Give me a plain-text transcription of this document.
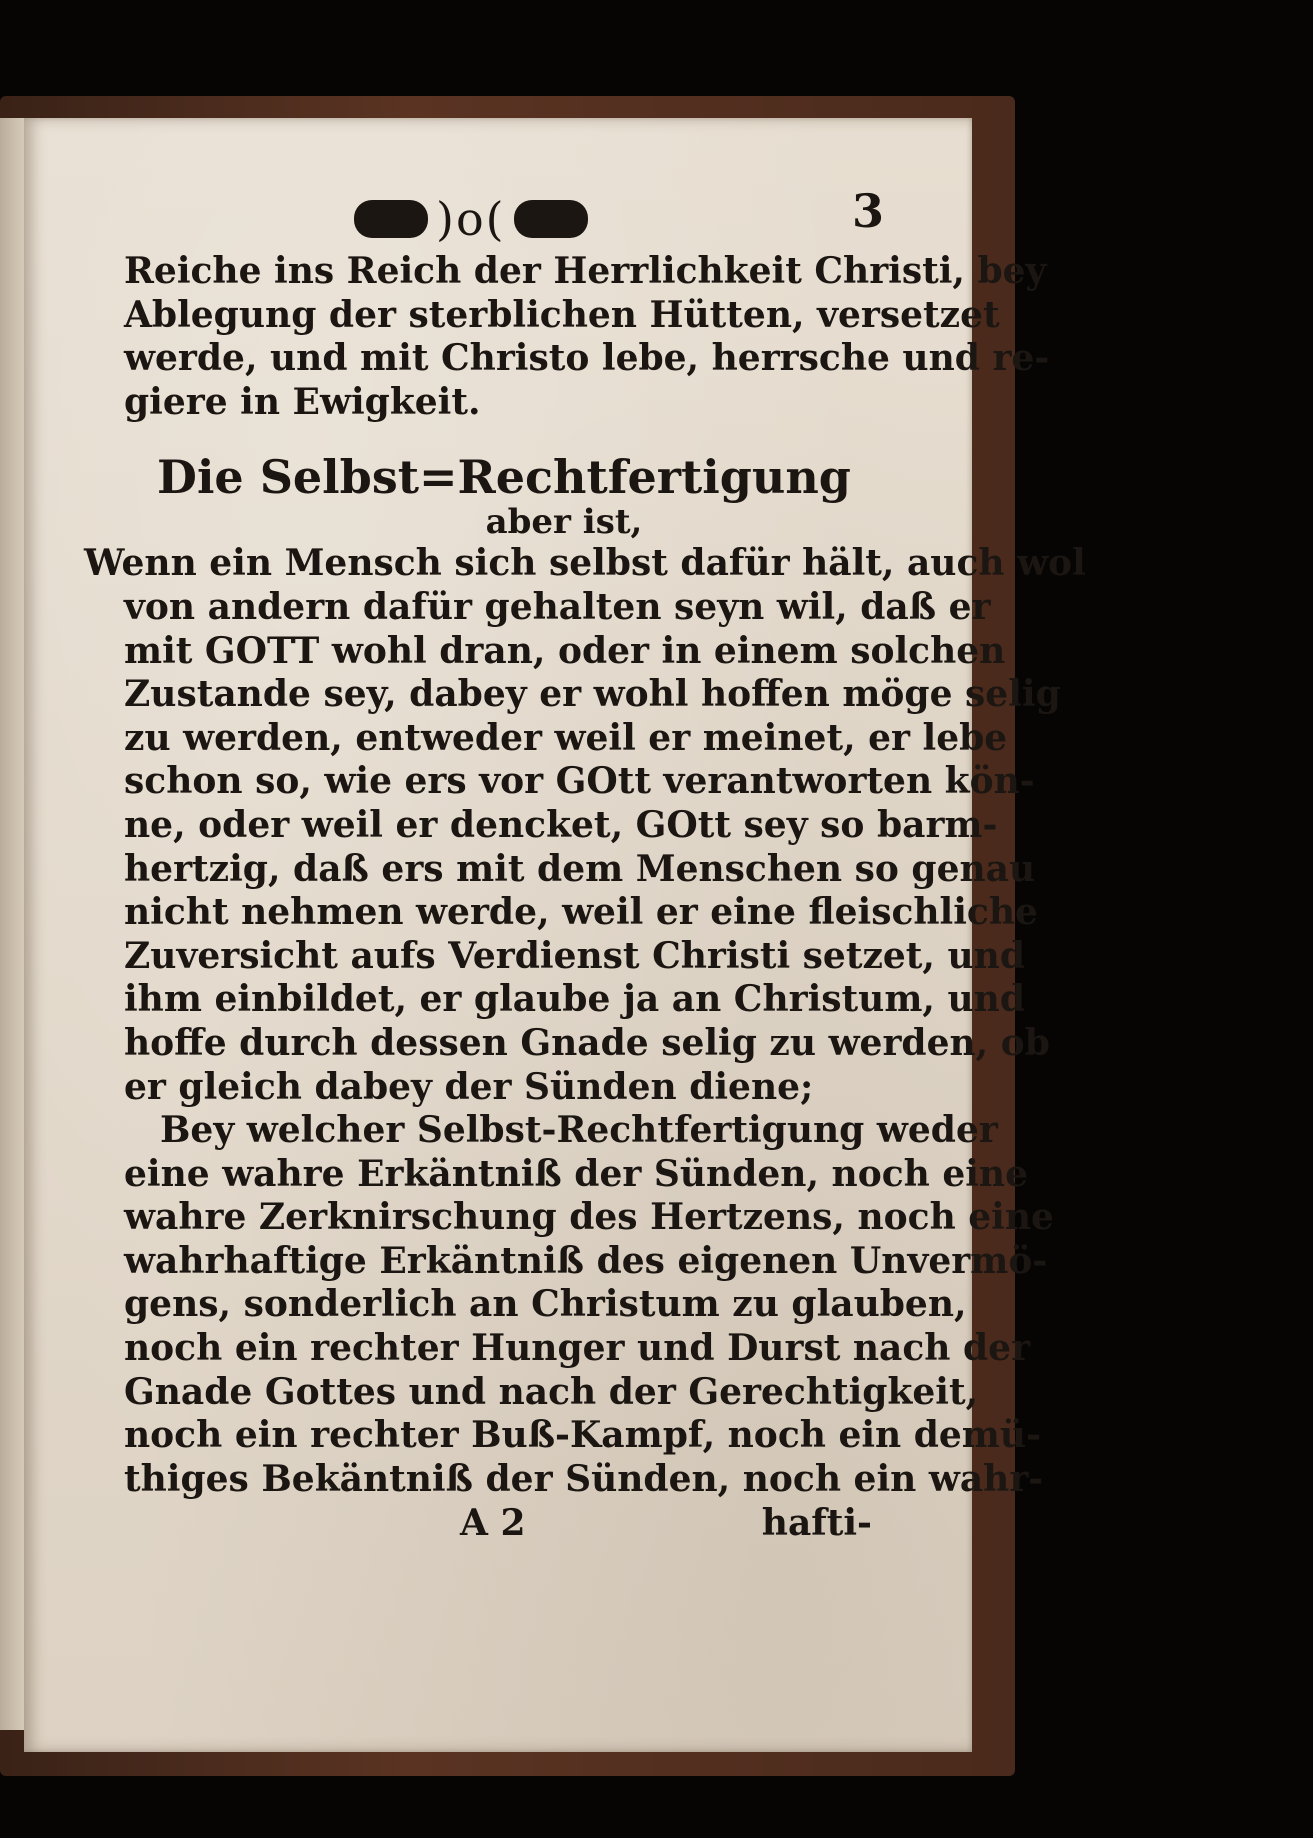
)o(	3
Reiche ins Reich der Herrlichkeit Christi, bey
Ablegung der sterblichen Hütten, versetzet
werde, und mit Christo lebe, herrsche und re-
giere in Ewigkeit.
Die Selbst=Rechtfertigung
aber ist,
Wenn ein Mensch sich selbst dafür hält, auch wol
von andern dafür gehalten seyn wil, daß er
mit GOTT wohl dran, oder in einem solchen
Zustande sey, dabey er wohl hoffen möge selig
zu werden, entweder weil er meinet, er lebe
schon so, wie ers vor GOtt verantworten kön-
ne, oder weil er dencket, GOtt sey so barm-
hertzig, daß ers mit dem Menschen so genau
nicht nehmen werde, weil er eine fleischliche
Zuversicht aufs Verdienst Christi setzet, und
ihm einbildet, er glaube ja an Christum, und
hoffe durch dessen Gnade selig zu werden, ob
er gleich dabey der Sünden diene;
Bey welcher Selbst-Rechtfertigung weder
eine wahre Erkäntniß der Sünden, noch eine
wahre Zerknirschung des Hertzens, noch eine
wahrhaftige Erkäntniß des eigenen Unvermö-
gens, sonderlich an Christum zu glauben,
noch ein rechter Hunger und Durst nach der
Gnade Gottes und nach der Gerechtigkeit,
noch ein rechter Buß-Kampf, noch ein demü-
thiges Bekäntniß der Sünden, noch ein wahr-
A 2	hafti-
